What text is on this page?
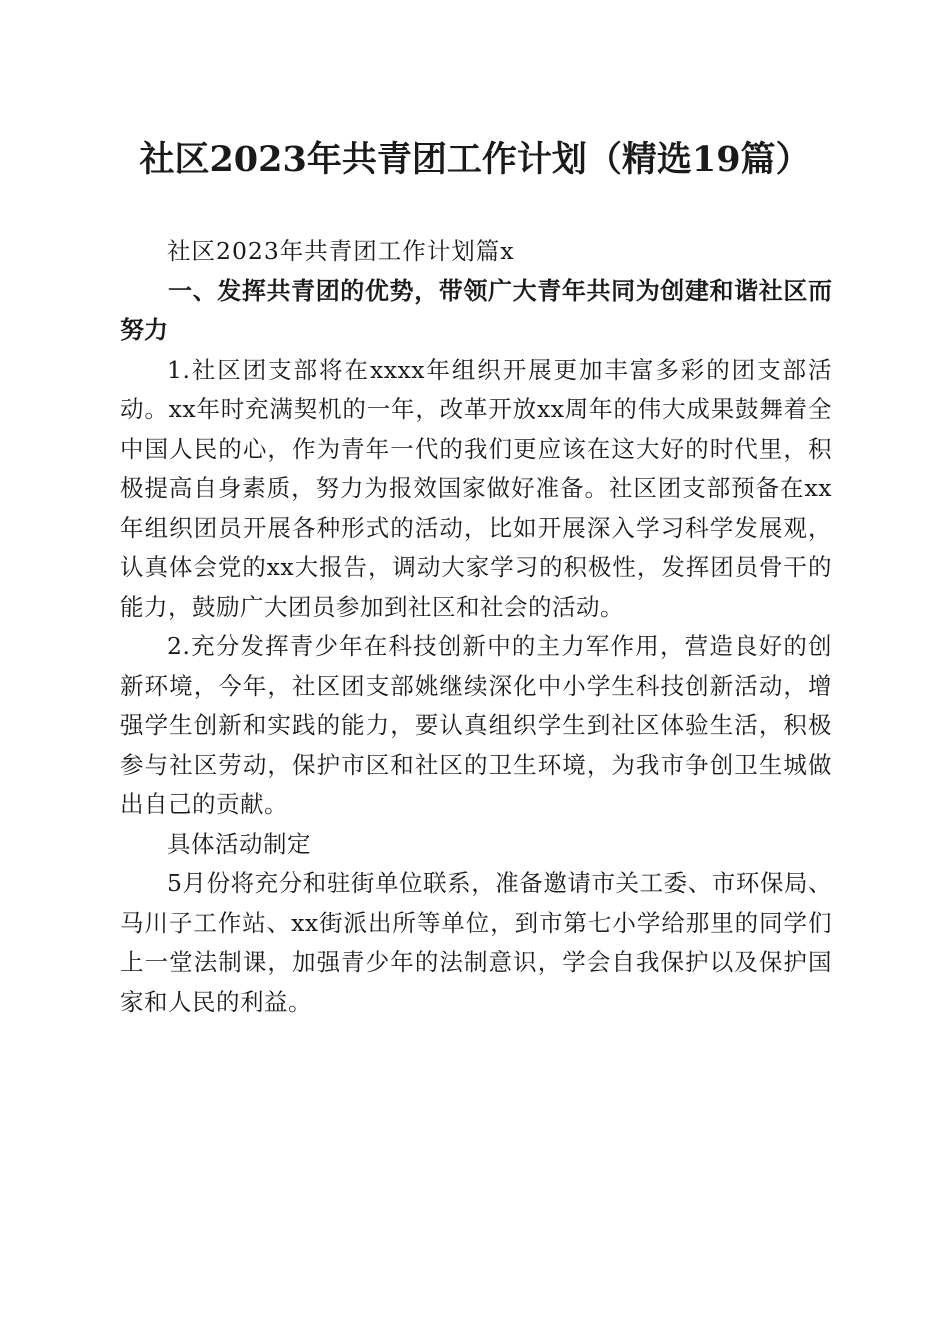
社区2023年共青团工作计划（精选19篇）

社区2023年共青团工作计划篇x

一、发挥共青团的优势，带领广大青年共同为创建和谐社区而努力

1.社区团支部将在xxxx年组织开展更加丰富多彩的团支部活动。xx年时充满契机的一年，改革开放xx周年的伟大成果鼓舞着全中国人民的心，作为青年一代的我们更应该在这大好的时代里，积极提高自身素质，努力为报效国家做好准备。社区团支部预备在xx年组织团员开展各种形式的活动，比如开展深入学习科学发展观，认真体会党的xx大报告，调动大家学习的积极性，发挥团员骨干的能力，鼓励广大团员参加到社区和社会的活动。

2.充分发挥青少年在科技创新中的主力军作用，营造良好的创新环境，今年，社区团支部姚继续深化中小学生科技创新活动，增强学生创新和实践的能力，要认真组织学生到社区体验生活，积极参与社区劳动，保护市区和社区的卫生环境，为我市争创卫生城做出自己的贡献。

具体活动制定

5月份将充分和驻街单位联系，准备邀请市关工委、市环保局、马川子工作站、xx街派出所等单位，到市第七小学给那里的同学们上一堂法制课，加强青少年的法制意识，学会自我保护以及保护国家和人民的利益。
